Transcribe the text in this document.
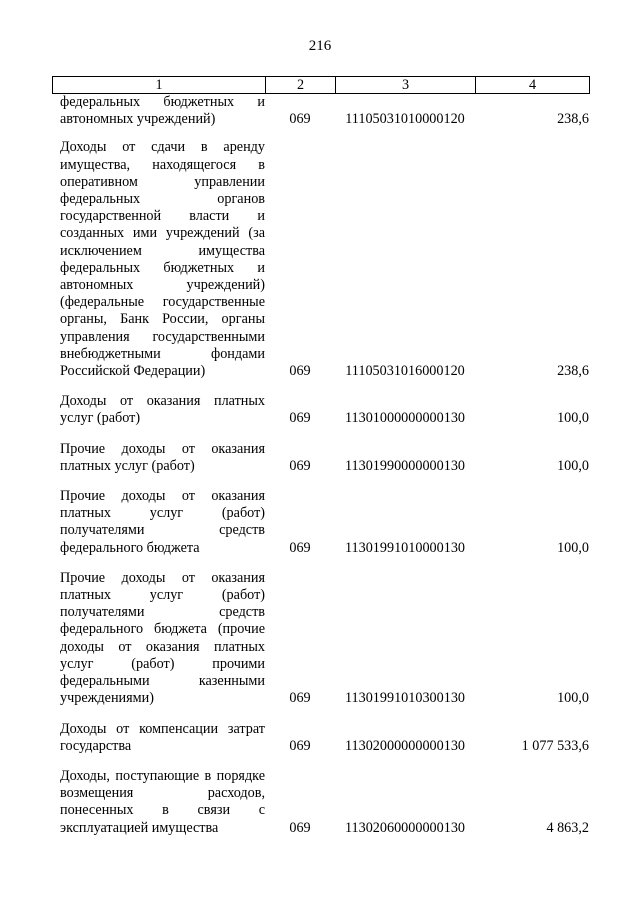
216
1	2	3	4
федеральных бюджетных и автономных учреждений)	069	11105031010000120	238,6
Доходы от сдачи в аренду имущества, находящегося в оперативном управлении федеральных органов государственной власти и созданных ими учреждений (за исключением имущества федеральных бюджетных и автономных учреждений) (федеральные государственные органы, Банк России, органы управления государственными внебюджетными фондами Российской Федерации)	069	11105031016000120	238,6
Доходы от оказания платных услуг (работ)	069	11301000000000130	100,0
Прочие доходы от оказания платных услуг (работ)	069	11301990000000130	100,0
Прочие доходы от оказания платных услуг (работ) получателями средств федерального бюджета	069	11301991010000130	100,0
Прочие доходы от оказания платных услуг (работ) получателями средств федерального бюджета (прочие доходы от оказания платных услуг (работ) прочими федеральными казенными учреждениями)	069	11301991010300130	100,0
Доходы от компенсации затрат государства	069	11302000000000130	1 077 533,6
Доходы, поступающие в порядке возмещения расходов, понесенных в связи с эксплуатацией имущества	069	11302060000000130	4 863,2
